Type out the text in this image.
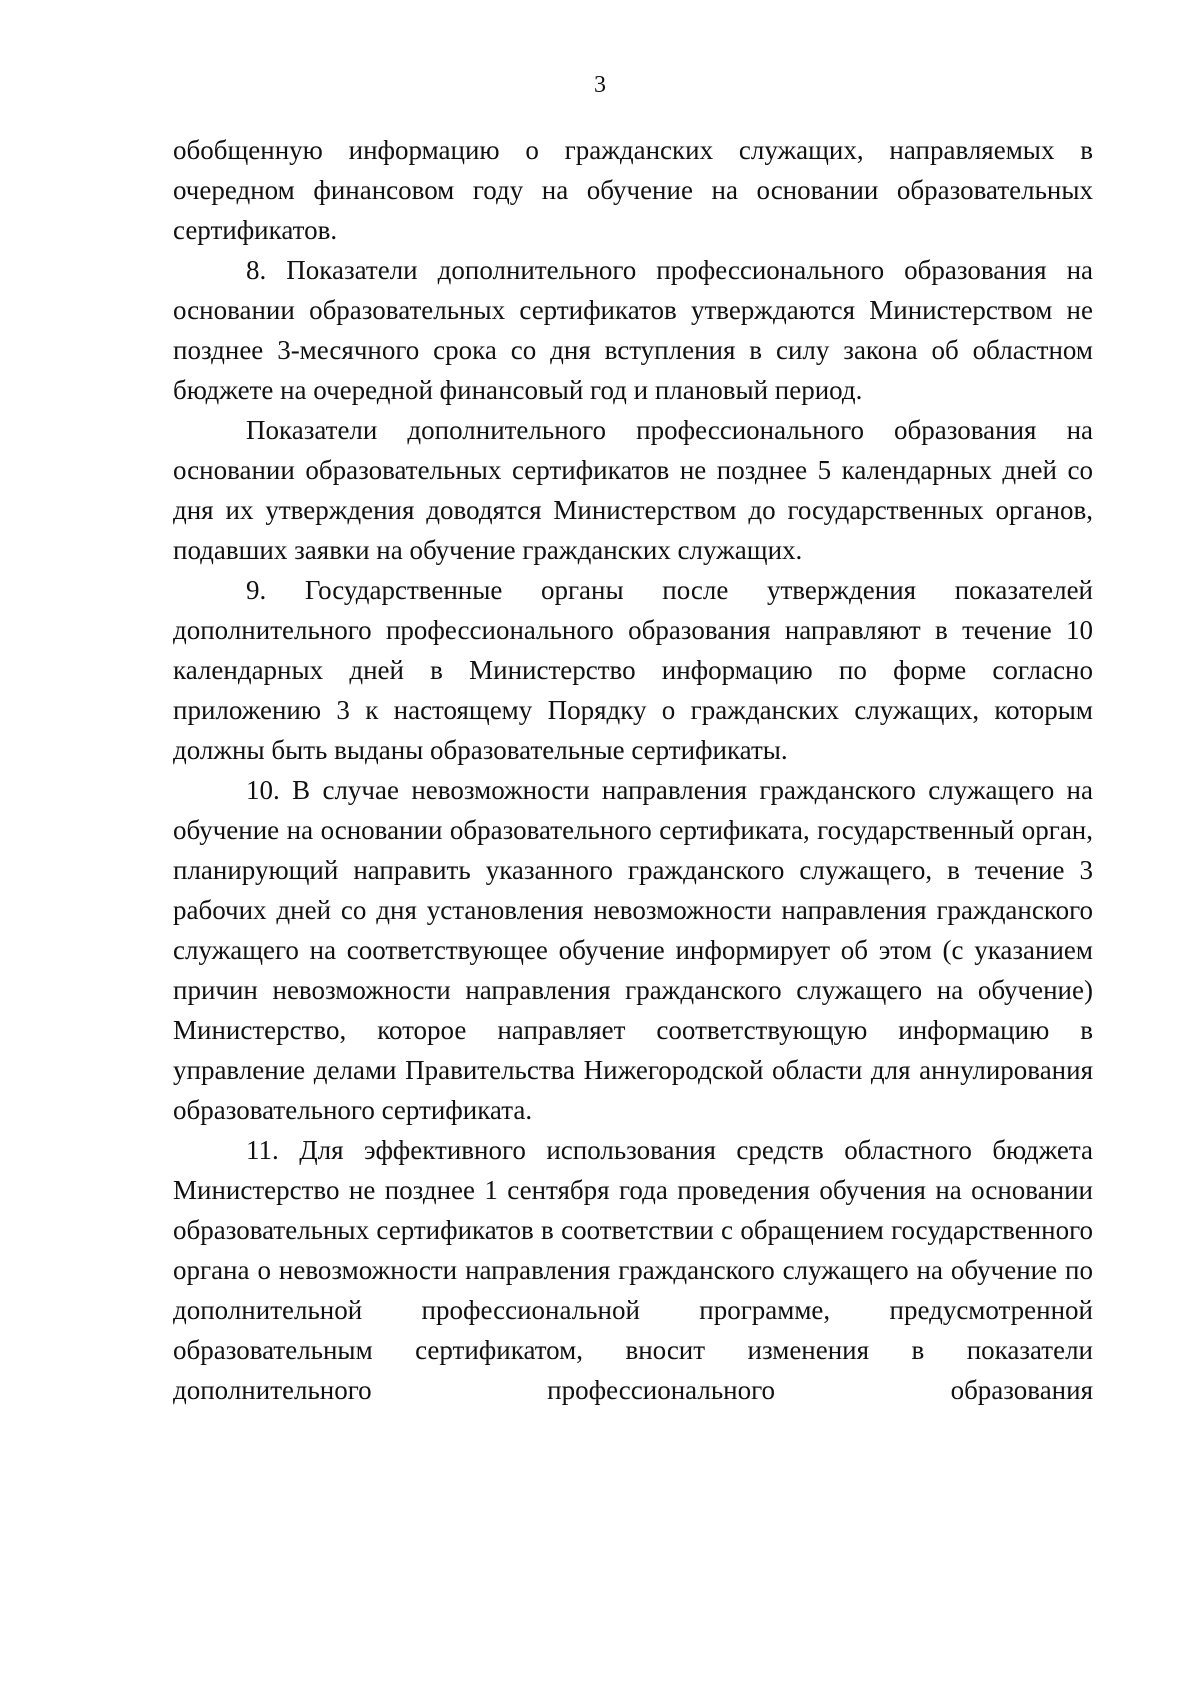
3

обобщенную информацию о гражданских служащих, направляемых в очередном финансовом году на обучение на основании образовательных сертификатов.

8. Показатели дополнительного профессионального образования на основании образовательных сертификатов утверждаются Министерством не позднее 3-месячного срока со дня вступления в силу закона об областном бюджете на очередной финансовый год и плановый период.

Показатели дополнительного профессионального образования на основании образовательных сертификатов не позднее 5 календарных дней со дня их утверждения доводятся Министерством до государственных органов, подавших заявки на обучение гражданских служащих.

9. Государственные органы после утверждения показателей дополнительного профессионального образования направляют в течение 10 календарных дней в Министерство информацию по форме согласно приложению 3 к настоящему Порядку о гражданских служащих, которым должны быть выданы образовательные сертификаты.

10. В случае невозможности направления гражданского служащего на обучение на основании образовательного сертификата, государственный орган, планирующий направить указанного гражданского служащего, в течение 3 рабочих дней со дня установления невозможности направления гражданского служащего на соответствующее обучение информирует об этом (с указанием причин невозможности направления гражданского служащего на обучение) Министерство, которое направляет соответствующую информацию в управление делами Правительства Нижегородской области для аннулирования образовательного сертификата.

11. Для эффективного использования средств областного бюджета Министерство не позднее 1 сентября года проведения обучения на основании образовательных сертификатов в соответствии с обращением государственного органа о невозможности направления гражданского служащего на обучение по дополнительной профессиональной программе, предусмотренной образовательным сертификатом, вносит изменения в показатели дополнительного профессионального образования
